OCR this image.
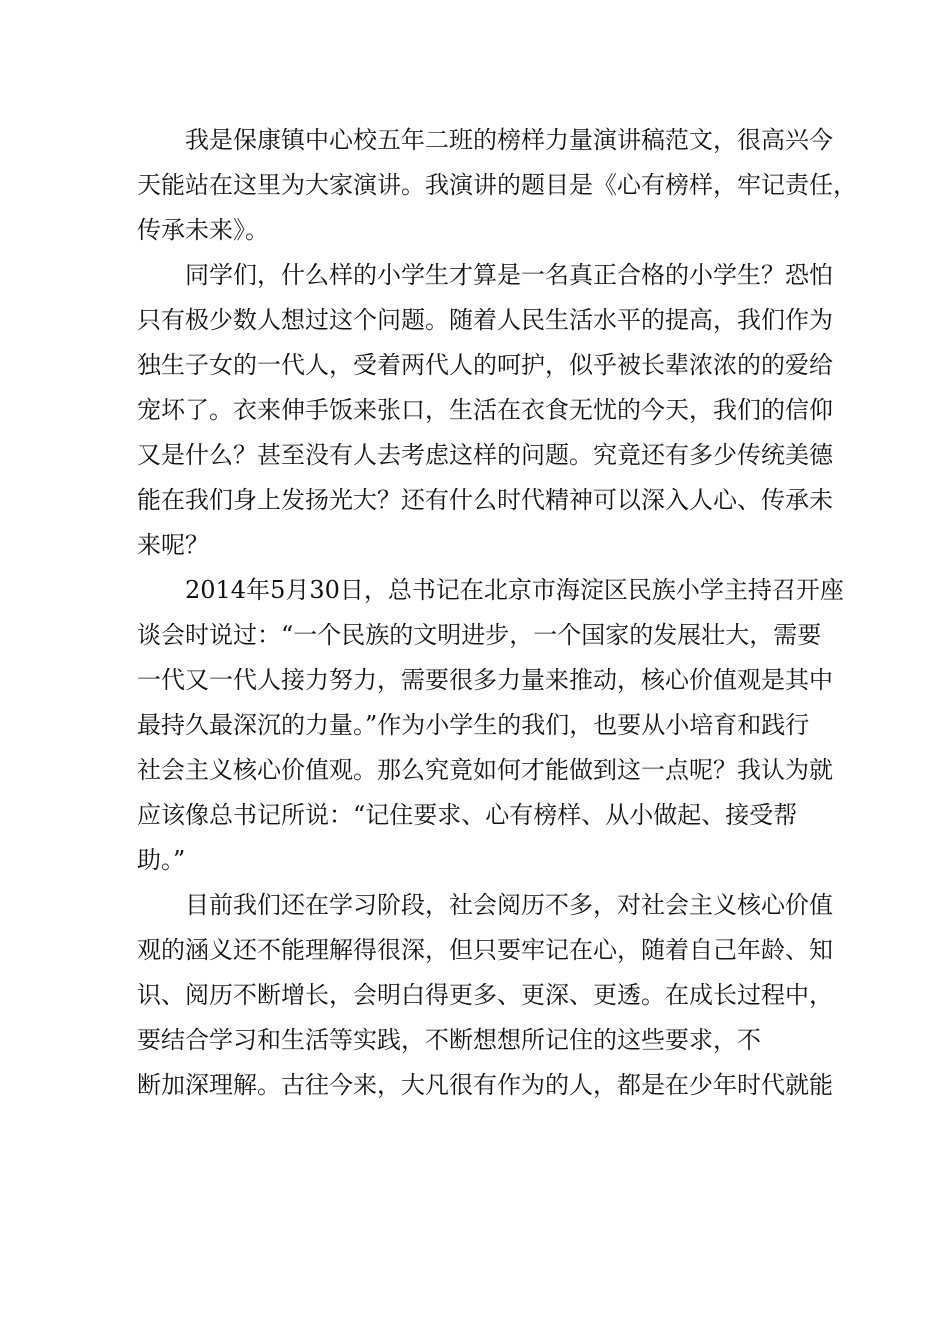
我是保康镇中心校五年二班的榜样力量演讲稿范文，很高兴今
天能站在这里为大家演讲。我演讲的题目是《心有榜样，牢记责任，
传承未来》。

同学们，什么样的小学生才算是一名真正合格的小学生？恐怕
只有极少数人想过这个问题。随着人民生活水平的提高，我们作为
独生子女的一代人，受着两代人的呵护，似乎被长辈浓浓的的爱给
宠坏了。衣来伸手饭来张口，生活在衣食无忧的今天，我们的信仰
又是什么？甚至没有人去考虑这样的问题。究竟还有多少传统美德
能在我们身上发扬光大？还有什么时代精神可以深入人心、传承未
来呢？

2014年5月30日，总书记在北京市海淀区民族小学主持召开座
谈会时说过：“一个民族的文明进步，一个国家的发展壮大，需要
一代又一代人接力努力，需要很多力量来推动，核心价值观是其中
最持久最深沉的力量。”作为小学生的我们，也要从小培育和践行
社会主义核心价值观。那么究竟如何才能做到这一点呢？我认为就
应该像总书记所说：“记住要求、心有榜样、从小做起、接受帮
助。”

目前我们还在学习阶段，社会阅历不多，对社会主义核心价值
观的涵义还不能理解得很深，但只要牢记在心，随着自己年龄、知
识、阅历不断增长，会明白得更多、更深、更透。在成长过程中，
要结合学习和生活等实践，不断想想所记住的这些要求，不
断加深理解。古往今来，大凡很有作为的人，都是在少年时代就能
